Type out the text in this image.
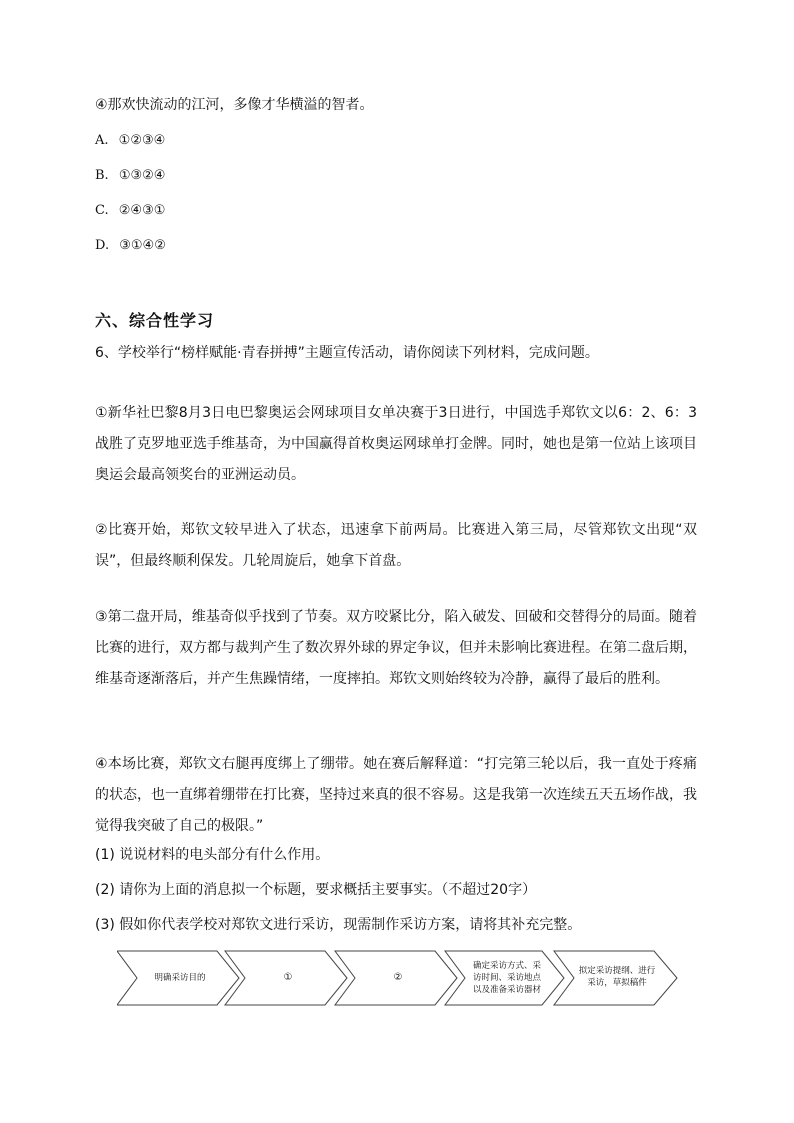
④那欢快流动的江河，多像才华横溢的智者。
A. ①②③④
B. ①③②④
C. ②④③①
D. ③①④②
六、综合性学习
6、学校举行“榜样赋能·青春拼搏”主题宣传活动，请你阅读下列材料，完成问题。
①新华社巴黎8月3日电巴黎奥运会网球项目女单决赛于3日进行，中国选手郑钦文以6：2、6：3战胜了克罗地亚选手维基奇，为中国赢得首枚奥运网球单打金牌。同时，她也是第一位站上该项目奥运会最高领奖台的亚洲运动员。
②比赛开始，郑钦文较早进入了状态，迅速拿下前两局。比赛进入第三局，尽管郑钦文出现“双误”，但最终顺利保发。几轮周旋后，她拿下首盘。
③第二盘开局，维基奇似乎找到了节奏。双方咬紧比分，陷入破发、回破和交替得分的局面。随着比赛的进行，双方都与裁判产生了数次界外球的界定争议，但并未影响比赛进程。在第二盘后期，维基奇逐渐落后，并产生焦躁情绪，一度摔拍。郑钦文则始终较为冷静，赢得了最后的胜利。
④本场比赛，郑钦文右腿再度绑上了绷带。她在赛后解释道：“打完第三轮以后，我一直处于疼痛的状态，也一直绑着绷带在打比赛，坚持过来真的很不容易。这是我第一次连续五天五场作战，我觉得我突破了自己的极限。”
(1) 说说材料的电头部分有什么作用。
(2) 请你为上面的消息拟一个标题，要求概括主要事实。（不超过20字）
(3) 假如你代表学校对郑钦文进行采访，现需制作采访方案，请将其补充完整。
明确采访目的	①	②
确定采访方式、采访时间、采访地点以及准备采访器材
拟定采访提纲、进行采访，草拟稿件
